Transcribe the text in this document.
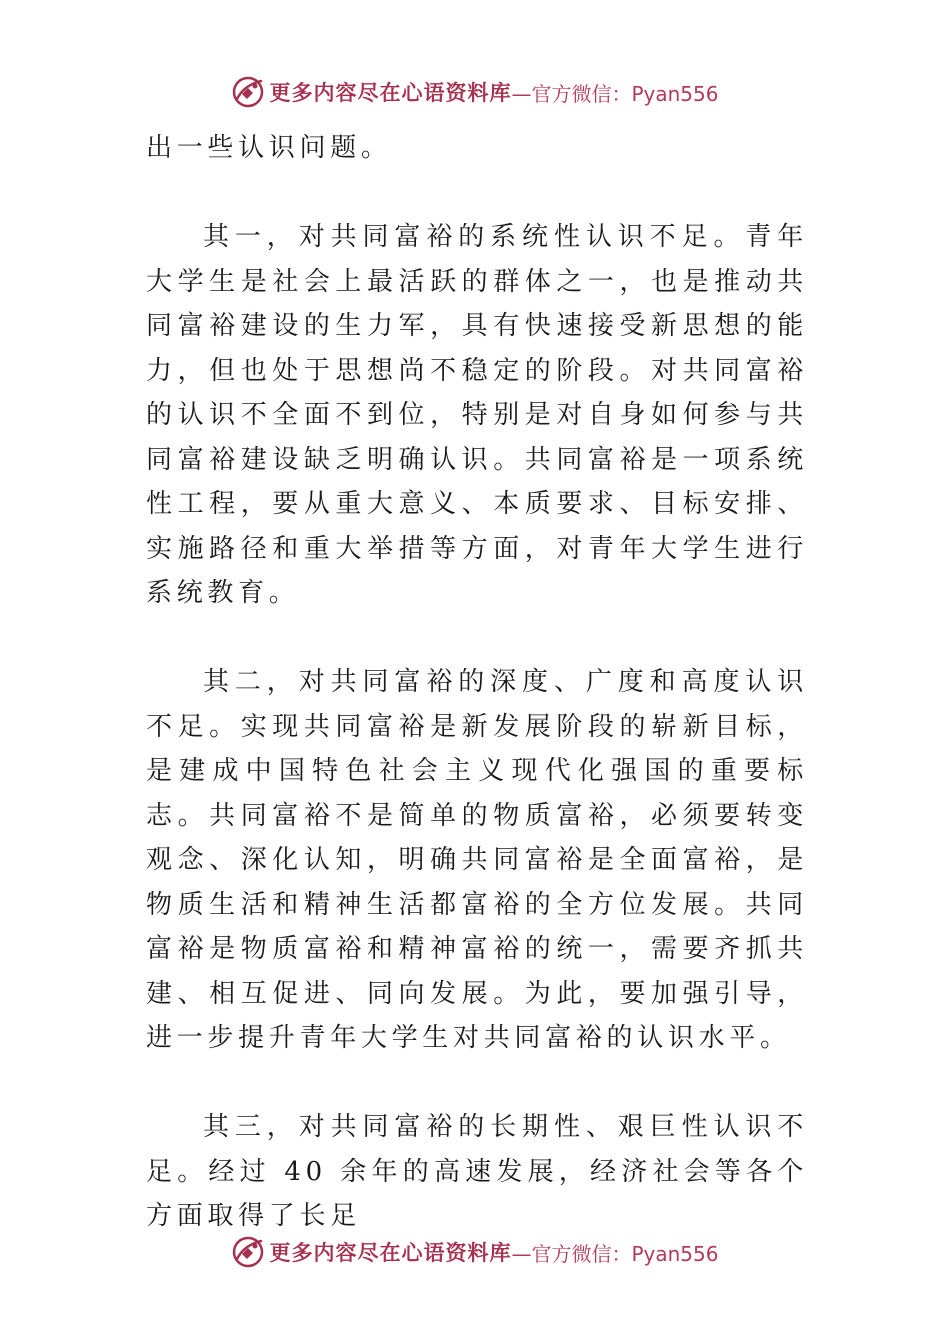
更多内容尽在心语资料库 —官方微信：Pyan556

出一些认识问题。

其一，对共同富裕的系统性认识不足。青年大学生是社会上最活跃的群体之一，也是推动共同富裕建设的生力军，具有快速接受新思想的能力，但也处于思想尚不稳定的阶段。对共同富裕的认识不全面不到位，特别是对自身如何参与共同富裕建设缺乏明确认识。共同富裕是一项系统性工程，要从重大意义、本质要求、目标安排、实施路径和重大举措等方面，对青年大学生进行系统教育。

其二，对共同富裕的深度、广度和高度认识不足。实现共同富裕是新发展阶段的崭新目标，是建成中国特色社会主义现代化强国的重要标志。共同富裕不是简单的物质富裕，必须要转变观念、深化认知，明确共同富裕是全面富裕，是物质生活和精神生活都富裕的全方位发展。共同富裕是物质富裕和精神富裕的统一，需要齐抓共建、相互促进、同向发展。为此，要加强引导，进一步提升青年大学生对共同富裕的认识水平。

其三，对共同富裕的长期性、艰巨性认识不足。经过 40 余年的高速发展，经济社会等各个方面取得了长足

更多内容尽在心语资料库 —官方微信：Pyan556
